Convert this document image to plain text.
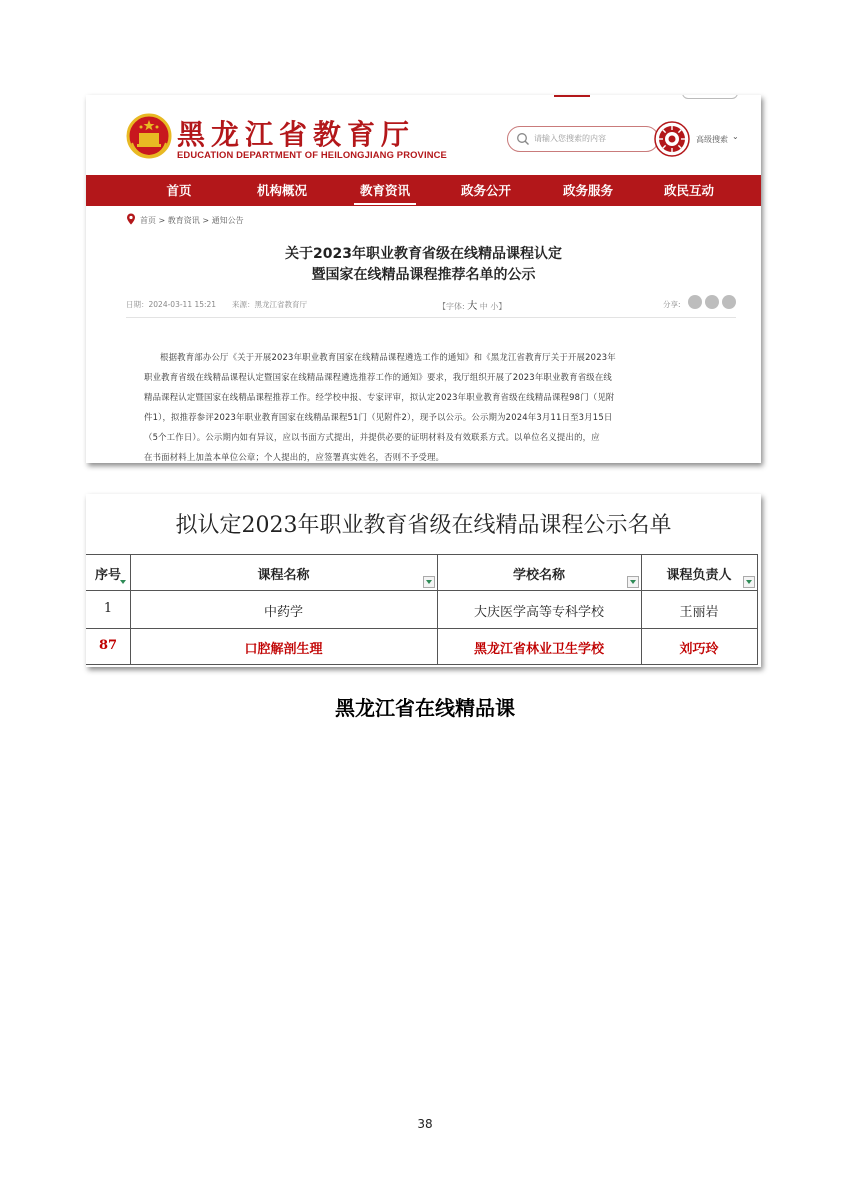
黑龙江省教育厅
EDUCATION DEPARTMENT OF HEILONGJIANG PROVINCE
请输入您搜索的内容	高级搜索 ⌄
首页	机构概况	教育资讯	政务公开	政务服务	政民互动
首页 > 教育资讯 > 通知公告
关于2023年职业教育省级在线精品课程认定
暨国家在线精品课程推荐名单的公示
日期：2024-03-11 15:21 来源：黑龙江省教育厅	【字体: 大 中 小】	分享:
根据教育部办公厅《关于开展2023年职业教育国家在线精品课程遴选工作的通知》和《黑龙江省教育厅关于开展2023年
职业教育省级在线精品课程认定暨国家在线精品课程遴选推荐工作的通知》要求，我厅组织开展了2023年职业教育省级在线
精品课程认定暨国家在线精品课程推荐工作。经学校申报、专家评审，拟认定2023年职业教育省级在线精品课程98门（见附
件1），拟推荐参评2023年职业教育国家在线精品课程51门（见附件2），现予以公示。公示期为2024年3月11日至3月15日
（5个工作日）。公示期内如有异议，应以书面方式提出，并提供必要的证明材料及有效联系方式。以单位名义提出的，应
在书面材料上加盖本单位公章；个人提出的，应签署真实姓名，否则不予受理。
拟认定2023年职业教育省级在线精品课程公示名单
序号	课程名称	学校名称	课程负责人
1	中药学	大庆医学高等专科学校	王丽岩
87	口腔解剖生理	黑龙江省林业卫生学校	刘巧玲
黑龙江省在线精品课
38
